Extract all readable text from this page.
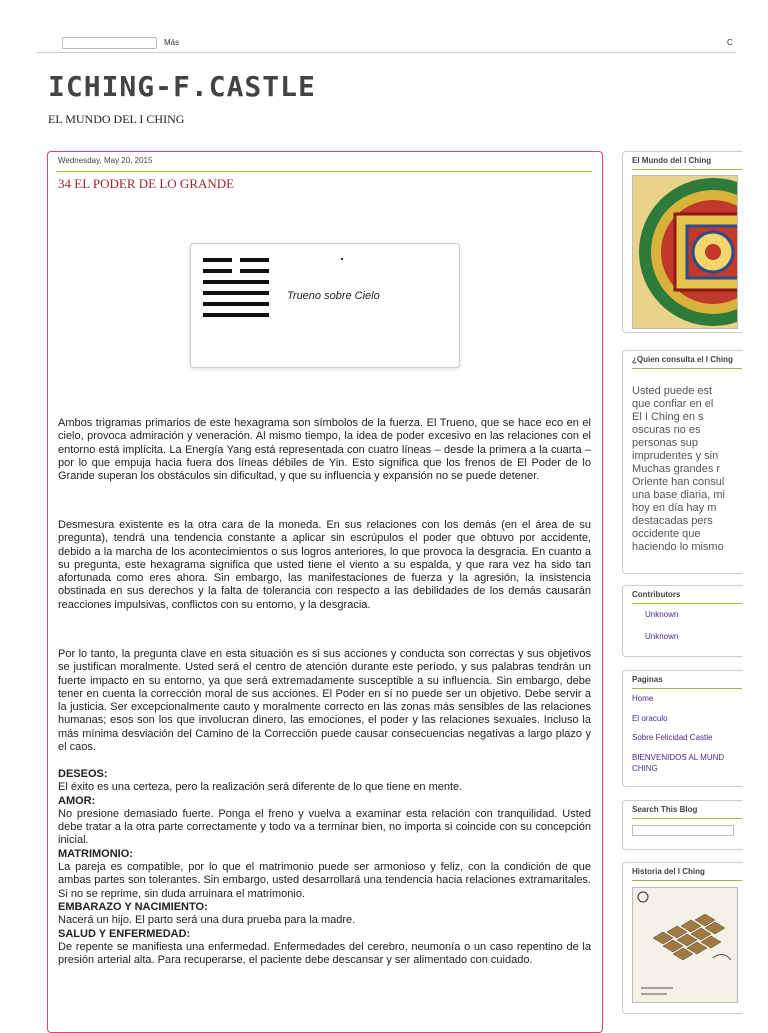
Más	C
ICHING-F.CASTLE
EL MUNDO DEL I CHING
Wednesday, May 20, 2015
34 EL PODER DE LO GRANDE
Trueno sobre Cielo

Ambos trigramas primarios de este hexagrama son símbolos de la fuerza. El Trueno, que se hace eco en el cielo, provoca admiración y veneración. Al mismo tiempo, la idea de poder excesivo en las relaciones con el entorno está implícita. La Energía Yang está representada con cuatro líneas – desde la primera a la cuarta – por lo que empuja hacia fuera dos líneas débiles de Yin. Esto significa que los frenos de El Poder de lo Grande superan los obstáculos sin dificultad, y que su influencia y expansión no se puede detener.

Desmesura existente es la otra cara de la moneda. En sus relaciones con los demás (en el área de su pregunta), tendrá una tendencia constante a aplicar sin escrúpulos el poder que obtuvo por accidente, debido a la marcha de los acontecimientos o sus logros anteriores, lo que provoca la desgracia. En cuanto a su pregunta, este hexagrama significa que usted tiene el viento a su espalda, y que rara vez ha sido tan afortunada como eres ahora. Sin embargo, las manifestaciones de fuerza y la agresión, la insistencia obstinada en sus derechos y la falta de tolerancia con respecto a las debilidades de los demás causarán reacciones impulsivas, conflictos con su entorno, y la desgracia.

Por lo tanto, la pregunta clave en esta situación es si sus acciones y conducta son correctas y sus objetivos se justifican moralmente. Usted será el centro de atención durante este período, y sus palabras tendrán un fuerte impacto en su entorno, ya que será extremadamente susceptible a su influencia. Sin embargo, debe tener en cuenta la corrección moral de sus acciones. El Poder en sí no puede ser un objetivo. Debe servir a la justicia. Ser excepcionalmente cauto y moralmente correcto en las zonas más sensibles de las relaciones humanas; esos son los que involucran dinero, las emociones, el poder y las relaciones sexuales. Incluso la más mínima desviación del Camino de la Corrección puede causar consecuencias negativas a largo plazo y el caos.

DESEOS:
El éxito es una certeza, pero la realización será diferente de lo que tiene en mente.
AMOR:
No presione demasiado fuerte. Ponga el freno y vuelva a examinar esta relación con tranquilidad. Usted debe tratar a la otra parte correctamente y todo va a terminar bien, no importa si coincide con su concepción inicial.
MATRIMONIO:
La pareja es compatible, por lo que el matrimonio puede ser armonioso y feliz, con la condición de que ambas partes son tolerantes. Sin embargo, usted desarrollará una tendencia hacia relaciones extramaritales. Si no se reprime, sin duda arruinara el matrimonio.
EMBARAZO Y NACIMIENTO:
Nacerá un hijo. El parto será una dura prueba para la madre.
SALUD Y ENFERMEDAD:
De repente se manifiesta una enfermedad. Enfermedades del cerebro, neumonía o un caso repentino de la presión arterial alta. Para recuperarse, el paciente debe descansar y ser alimentado con cuidado.
El Mundo del I Ching
¿Quien consulta el I Ching
Usted puede est
que confiar en el
El I Ching en s
oscuras no es
personas sup
imprudentes y sin
Muchas grandes r
Oriente han consul
una base diaria, mi
hoy en día hay m
destacadas pers
occidente que
haciendo lo mismo
Contributors
Unknown
Unknown
Paginas
Home
El oraculo
Sobre Felicidad Castle
BIENVENIDOS AL MUND
CHING
Search This Blog
Historia del I Ching
